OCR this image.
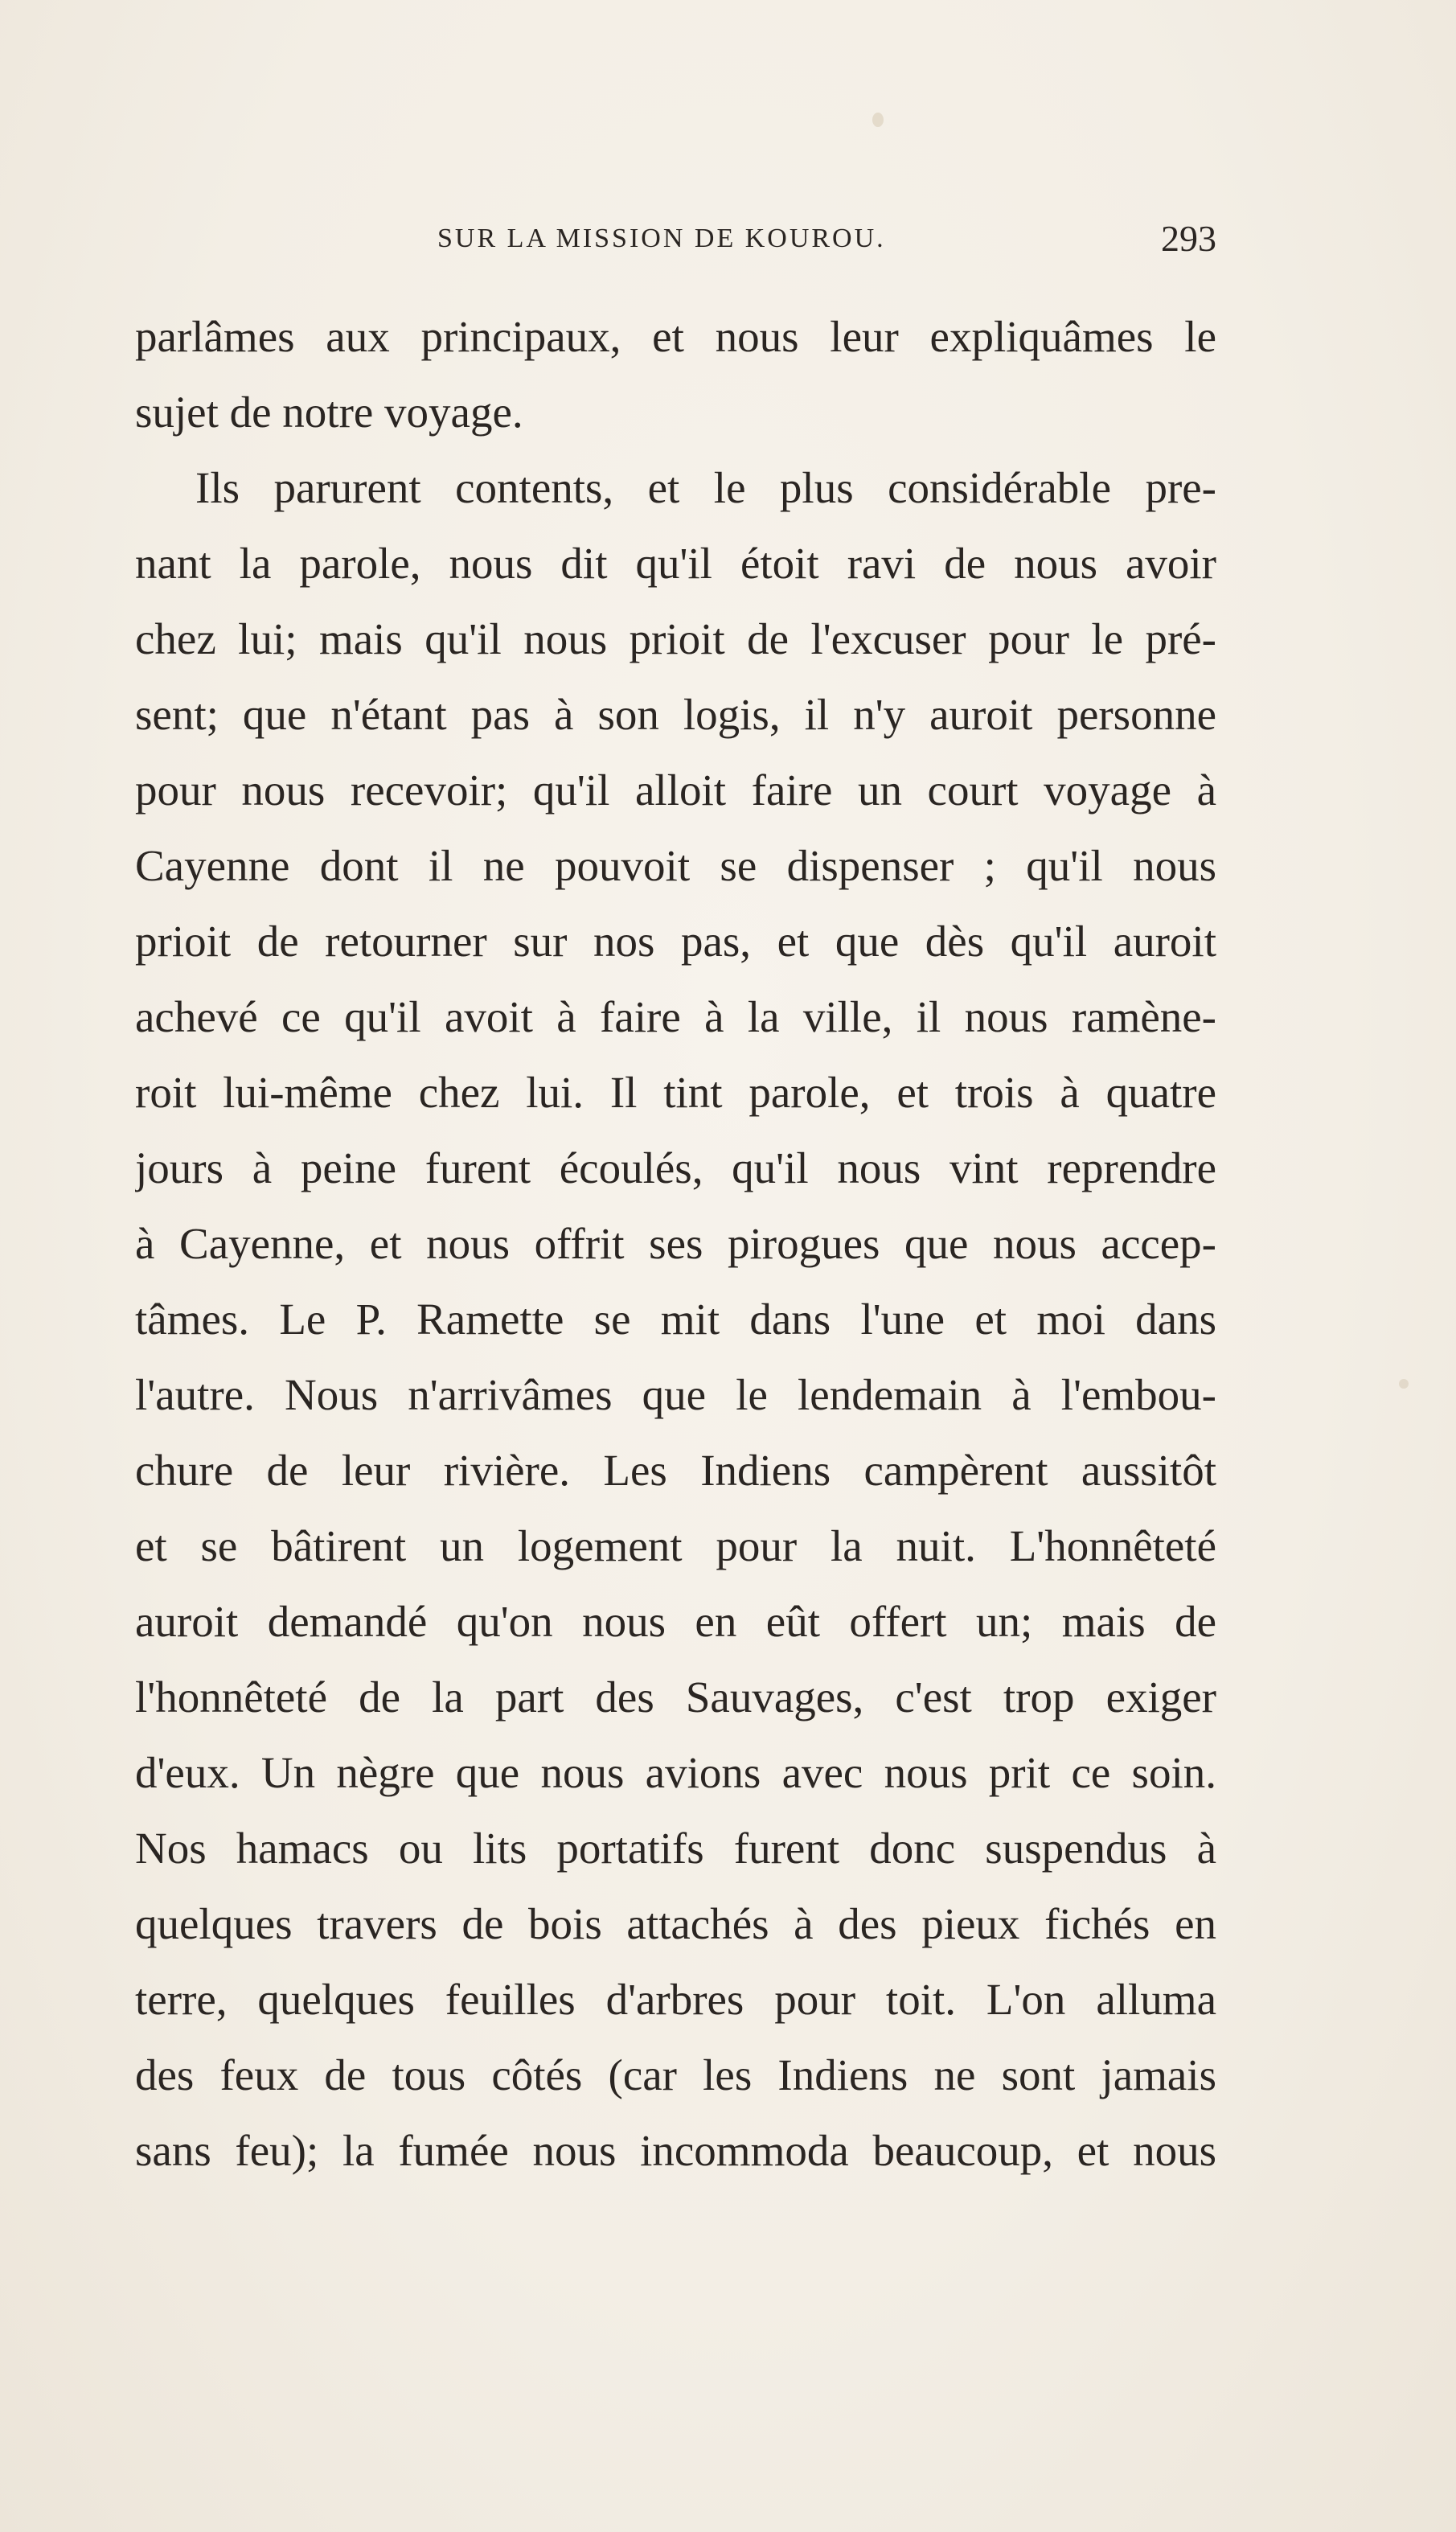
SUR LA MISSION DE KOUROU.	293
parlâmes aux principaux, et nous leur expliquâmes le
sujet de notre voyage.
Ils parurent contents, et le plus considérable pre-
nant la parole, nous dit qu'il étoit ravi de nous avoir
chez lui; mais qu'il nous prioit de l'excuser pour le pré-
sent; que n'étant pas à son logis, il n'y auroit personne
pour nous recevoir; qu'il alloit faire un court voyage à
Cayenne dont il ne pouvoit se dispenser ; qu'il nous
prioit de retourner sur nos pas, et que dès qu'il auroit
achevé ce qu'il avoit à faire à la ville, il nous ramène-
roit lui-même chez lui. Il tint parole, et trois à quatre
jours à peine furent écoulés, qu'il nous vint reprendre
à Cayenne, et nous offrit ses pirogues que nous accep-
tâmes. Le P. Ramette se mit dans l'une et moi dans
l'autre. Nous n'arrivâmes que le lendemain à l'embou-
chure de leur rivière. Les Indiens campèrent aussitôt
et se bâtirent un logement pour la nuit. L'honnêteté
auroit demandé qu'on nous en eût offert un; mais de
l'honnêteté de la part des Sauvages, c'est trop exiger
d'eux. Un nègre que nous avions avec nous prit ce soin.
Nos hamacs ou lits portatifs furent donc suspendus à
quelques travers de bois attachés à des pieux fichés en
terre, quelques feuilles d'arbres pour toit. L'on alluma
des feux de tous côtés (car les Indiens ne sont jamais
sans feu); la fumée nous incommoda beaucoup, et nous
